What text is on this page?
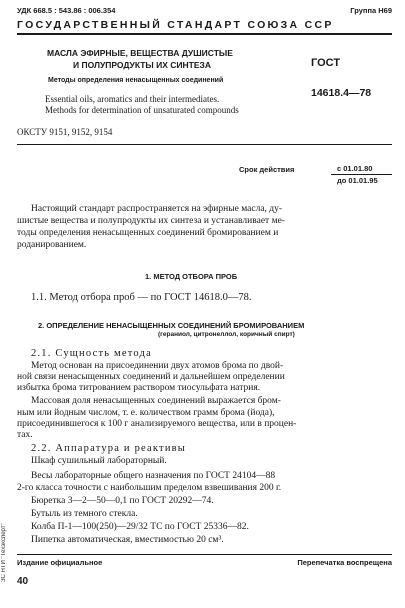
УДК 668.5 : 543.86 : 006.354	Группа Н69
ГОСУДАРСТВЕННЫЙ СТАНДАРТ СОЮЗА ССР
МАСЛА ЭФИРНЫЕ, ВЕЩЕСТВА ДУШИСТЫЕ
И ПОЛУПРОДУКТЫ ИХ СИНТЕЗА
Методы определения ненасыщенных соединений
Essential oils, aromatics and their intermediates.
Methods for determination of unsaturated compounds
ГОСТ
14618.4—78
ОКСТУ 9151, 9152, 9154
Срок действия	с 01.01.80
до 01.01.95
Настоящий стандарт распространяется на эфирные масла, ду-
шистые вещества и полупродукты их синтеза и устанавливает ме-
тоды определения ненасыщенных соединений бромированием и
роданированием.
1. МЕТОД ОТБОРА ПРОБ
1.1. Метод отбора проб — по ГОСТ 14618.0—78.
2. ОПРЕДЕЛЕНИЕ НЕНАСЫЩЕННЫХ СОЕДИНЕНИЙ БРОМИРОВАНИЕМ
(гераниол, цитронеллол, коричный спирт)
2.1. Сущность метода
Метод основан на присоединении двух атомов брома по двой-
ной связи ненасыщенных соединений и дальнейшем определении
избытка брома титрованием раствором тиосульфата натрия.
Массовая доля ненасыщенных соединений выражается бром-
ным или йодным числом, т. е. количеством грамм брома (йода),
присоединившегося к 100 г анализируемого вещества, или в процен-
тах.
2.2. Аппаратура и реактивы
Шкаф сушильный лабораторный.
Весы лабораторные общего назначения по ГОСТ 24104—88
2-го класса точности с наибольшим пределом взвешивания 200 г.
Бюретка 3—2—50—0,1 по ГОСТ 20292—74.
Бутыль из темного стекла.
Колба П-1—100(250)—29/32 ТС по ГОСТ 25336—82.
Пипетка автоматическая, вместимостью 20 см³.
ЗС НТИ "Техэксперт"	Издание официальное	Перепечатка воспрещена
40
